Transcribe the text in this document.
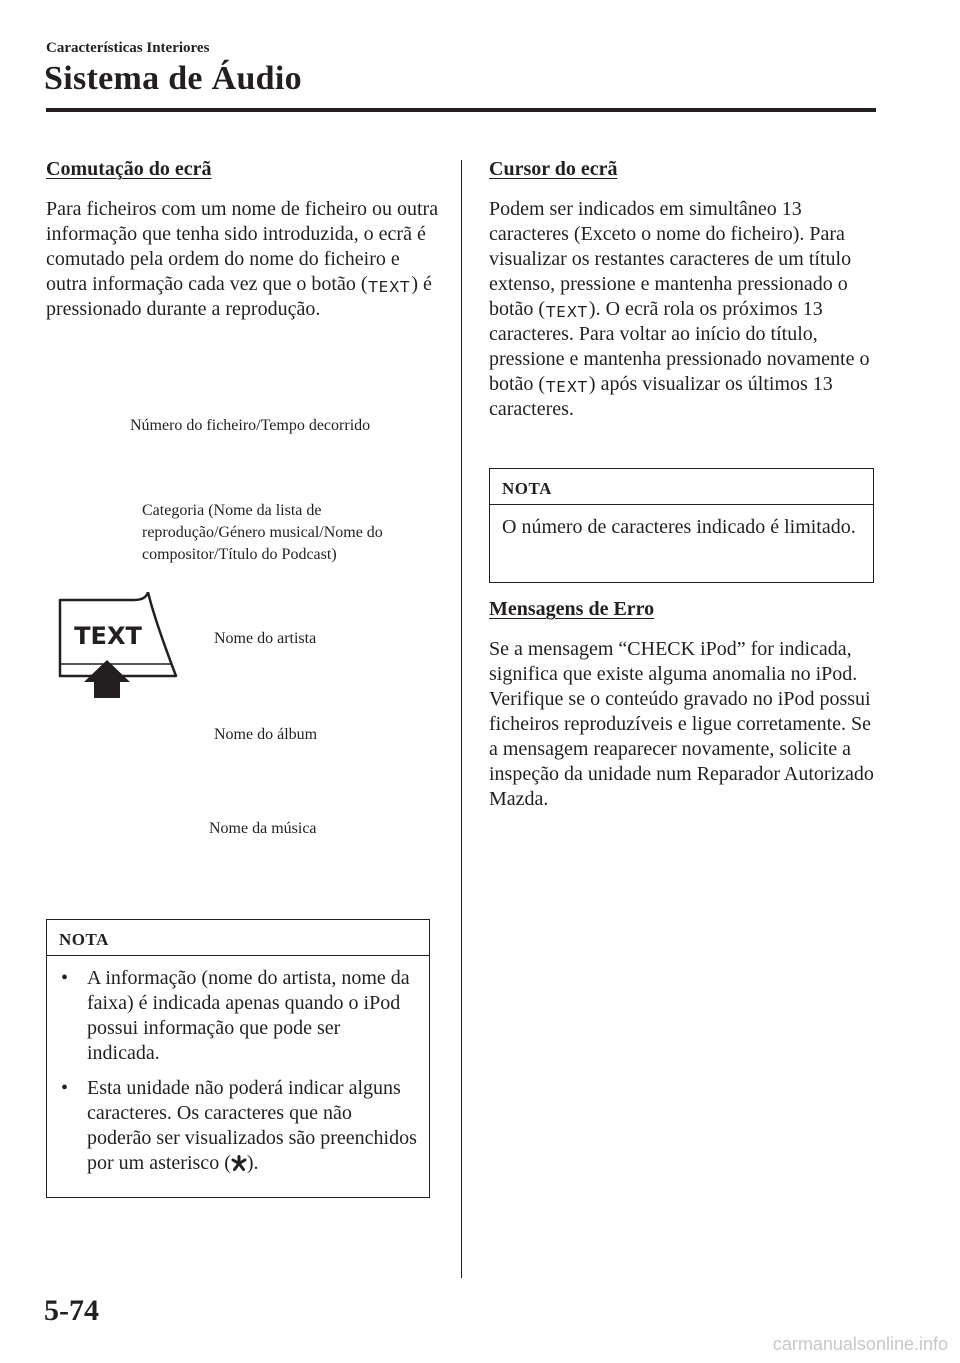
Características Interiores
Sistema de Áudio
Comutação do ecrã
Para ficheiros com um nome de ficheiro ou outra informação que tenha sido introduzida, o ecrã é comutado pela ordem do nome do ficheiro e outra informação cada vez que o botão (TEXT) é pressionado durante a reprodução.
Número do ficheiro/Tempo decorrido
Categoria (Nome da lista de reprodução/Género musical/Nome do compositor/Título do Podcast)
Nome do artista
Nome do álbum
Nome da música
TEXT
NOTA
• A informação (nome do artista, nome da faixa) é indicada apenas quando o iPod possui informação que pode ser indicada.
• Esta unidade não poderá indicar alguns caracteres. Os caracteres que não poderão ser visualizados são preenchidos por um asterisco ( ).
Cursor do ecrã
Podem ser indicados em simultâneo 13 caracteres (Exceto o nome do ficheiro). Para visualizar os restantes caracteres de um título extenso, pressione e mantenha pressionado o botão (TEXT). O ecrã rola os próximos 13 caracteres. Para voltar ao início do título, pressione e mantenha pressionado novamente o botão (TEXT) após visualizar os últimos 13 caracteres.
NOTA
O número de caracteres indicado é limitado.
Mensagens de Erro
Se a mensagem “CHECK iPod” for indicada, significa que existe alguma anomalia no iPod. Verifique se o conteúdo gravado no iPod possui ficheiros reproduzíveis e ligue corretamente. Se a mensagem reaparecer novamente, solicite a inspeção da unidade num Reparador Autorizado Mazda.
5-74
carmanualsonline.info
